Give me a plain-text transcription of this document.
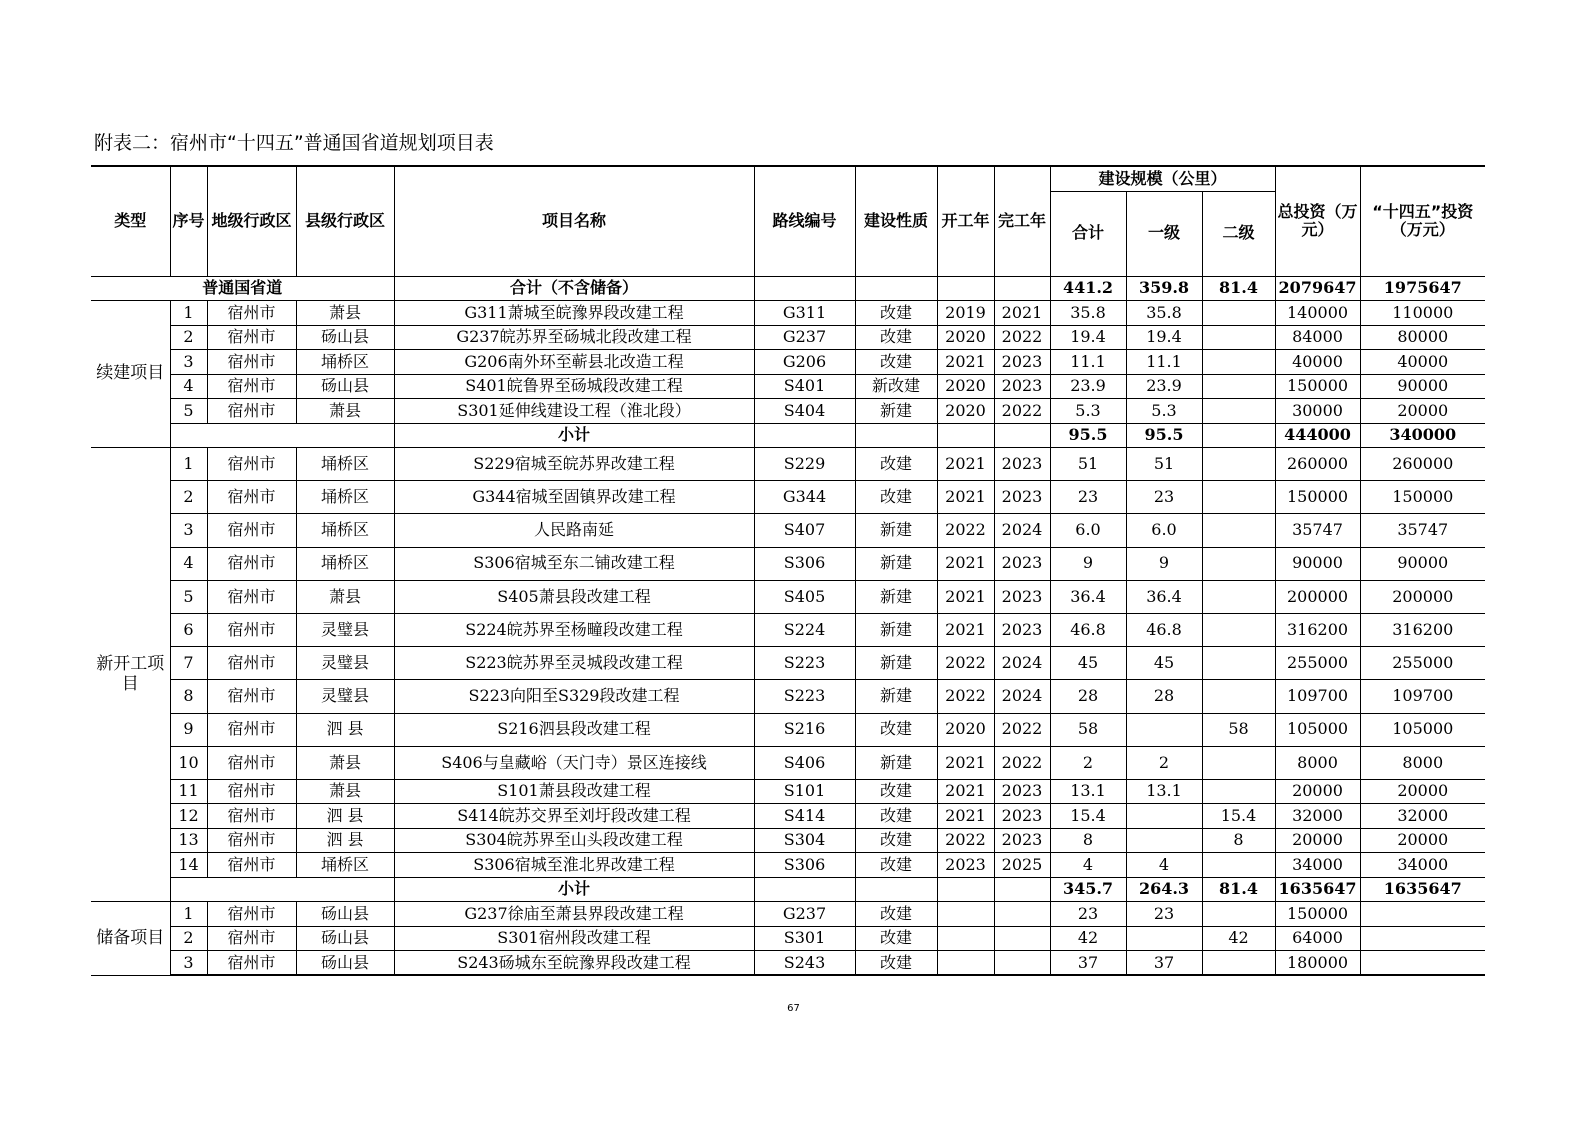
附表二：宿州市“十四五”普通国省道规划项目表
类型	序号	地级行政区	县级行政区	项目名称	路线编号	建设性质	开工年	完工年	建设规模（公里）			总投资（万元）	“十四五”投资（万元）
									合计	一级	二级		
普通国省道				合计（不含储备）					441.2	359.8	81.4	2079647	1975647
续建项目	1	宿州市	萧县	G311萧城至皖豫界段改建工程	G311	改建	2019	2021	35.8	35.8		140000	110000
	2	宿州市	砀山县	G237皖苏界至砀城北段改建工程	G237	改建	2020	2022	19.4	19.4		84000	80000
	3	宿州市	埇桥区	G206南外环至蕲县北改造工程	G206	改建	2021	2023	11.1	11.1		40000	40000
	4	宿州市	砀山县	S401皖鲁界至砀城段改建工程	S401	新改建	2020	2023	23.9	23.9		150000	90000
	5	宿州市	萧县	S301延伸线建设工程（淮北段）	S404	新建	2020	2022	5.3	5.3		30000	20000
				小计					95.5	95.5		444000	340000
新开工项目	1	宿州市	埇桥区	S229宿城至皖苏界改建工程	S229	改建	2021	2023	51	51		260000	260000
	2	宿州市	埇桥区	G344宿城至固镇界改建工程	G344	改建	2021	2023	23	23		150000	150000
	3	宿州市	埇桥区	人民路南延	S407	新建	2022	2024	6.0	6.0		35747	35747
	4	宿州市	埇桥区	S306宿城至东二铺改建工程	S306	新建	2021	2023	9	9		90000	90000
	5	宿州市	萧县	S405萧县段改建工程	S405	新建	2021	2023	36.4	36.4		200000	200000
	6	宿州市	灵璧县	S224皖苏界至杨疃段改建工程	S224	新建	2021	2023	46.8	46.8		316200	316200
	7	宿州市	灵璧县	S223皖苏界至灵城段改建工程	S223	新建	2022	2024	45	45		255000	255000
	8	宿州市	灵璧县	S223向阳至S329段改建工程	S223	新建	2022	2024	28	28		109700	109700
	9	宿州市	泗 县	S216泗县段改建工程	S216	改建	2020	2022	58		58	105000	105000
	10	宿州市	萧县	S406与皇藏峪（天门寺）景区连接线	S406	新建	2021	2022	2	2		8000	8000
	11	宿州市	萧县	S101萧县段改建工程	S101	改建	2021	2023	13.1	13.1		20000	20000
	12	宿州市	泗 县	S414皖苏交界至刘圩段改建工程	S414	改建	2021	2023	15.4		15.4	32000	32000
	13	宿州市	泗 县	S304皖苏界至山头段改建工程	S304	改建	2022	2023	8		8	20000	20000
	14	宿州市	埇桥区	S306宿城至淮北界改建工程	S306	改建	2023	2025	4	4		34000	34000
				小计					345.7	264.3	81.4	1635647	1635647
储备项目	1	宿州市	砀山县	G237徐庙至萧县界段改建工程	G237	改建			23	23		150000	
	2	宿州市	砀山县	S301宿州段改建工程	S301	改建			42		42	64000	
	3	宿州市	砀山县	S243砀城东至皖豫界段改建工程	S243	改建			37	37		180000	
67
